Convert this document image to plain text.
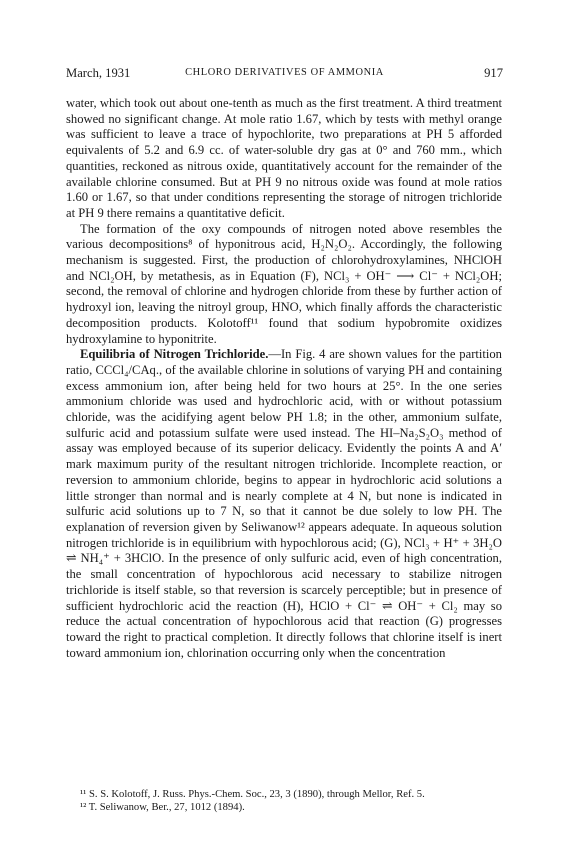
March, 1931	CHLORO DERIVATIVES OF AMMONIA	917

water, which took out about one-tenth as much as the first treatment. A third treatment showed no significant change. At mole ratio 1.67, which by tests with methyl orange was sufficient to leave a trace of hypochlorite, two preparations at PH 5 afforded equivalents of 5.2 and 6.9 cc. of water-soluble dry gas at 0° and 760 mm., which quantities, reckoned as nitrous oxide, quantitatively account for the remainder of the available chlorine consumed. But at PH 9 no nitrous oxide was found at mole ratios 1.60 or 1.67, so that under conditions representing the storage of nitrogen trichloride at PH 9 there remains a quantitative deficit.

The formation of the oxy compounds of nitrogen noted above resembles the various decompositions⁸ of hyponitrous acid, H₂N₂O₂. Accordingly, the following mechanism is suggested. First, the production of chlorohydroxylamines, NHClOH and NCl₂OH, by metathesis, as in Equation (F), NCl₃ + OH⁻ ⟶ Cl⁻ + NCl₂OH; second, the removal of chlorine and hydrogen chloride from these by further action of hydroxyl ion, leaving the nitroyl group, HNO, which finally affords the characteristic decomposition products. Kolotoff¹¹ found that sodium hypobromite oxidizes hydroxylamine to hyponitrite.

Equilibria of Nitrogen Trichloride.—In Fig. 4 are shown values for the partition ratio, CCCl₄/CAq., of the available chlorine in solutions of varying PH and containing excess ammonium ion, after being held for two hours at 25°. In the one series ammonium chloride was used and hydrochloric acid, with or without potassium chloride, was the acidifying agent below PH 1.8; in the other, ammonium sulfate, sulfuric acid and potassium sulfate were used instead. The HI–Na₂S₂O₃ method of assay was employed because of its superior delicacy. Evidently the points A and A′ mark maximum purity of the resultant nitrogen trichloride. Incomplete reaction, or reversion to ammonium chloride, begins to appear in hydrochloric acid solutions a little stronger than normal and is nearly complete at 4 N, but none is indicated in sulfuric acid solutions up to 7 N, so that it cannot be due solely to low PH. The explanation of reversion given by Seliwanow¹² appears adequate. In aqueous solution nitrogen trichloride is in equilibrium with hypochlorous acid; (G), NCl₃ + H⁺ + 3H₂O ⇌ NH₄⁺ + 3HClO. In the presence of only sulfuric acid, even of high concentration, the small concentration of hypochlorous acid necessary to stabilize nitrogen trichloride is itself stable, so that reversion is scarcely perceptible; but in presence of sufficient hydrochloric acid the reaction (H), HClO + Cl⁻ ⇌ OH⁻ + Cl₂ may so reduce the actual concentration of hypochlorous acid that reaction (G) progresses toward the right to practical completion. It directly follows that chlorine itself is inert toward ammonium ion, chlorination occurring only when the concentration

¹¹ S. S. Kolotoff, J. Russ. Phys.-Chem. Soc., 23, 3 (1890), through Mellor, Ref. 5.

¹² T. Seliwanow, Ber., 27, 1012 (1894).
